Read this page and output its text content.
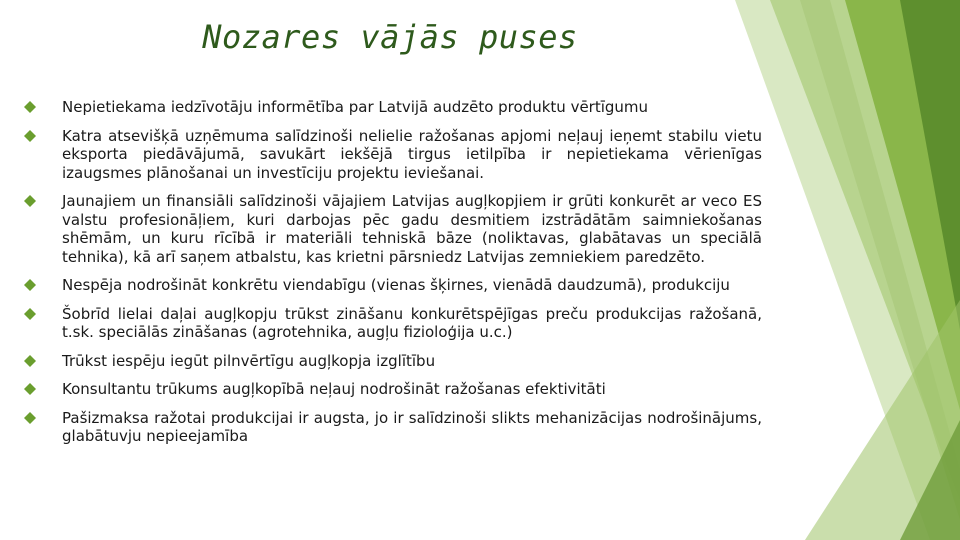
Nozares vājās puses
Nepietiekama iedzīvotāju informētība par Latvijā audzēto produktu vērtīgumu
Katra atsevišķā uzņēmuma salīdzinoši nelielie ražošanas apjomi neļauj ieņemt stabilu vietu eksporta piedāvājumā, savukārt iekšējā tirgus ietilpība ir nepietiekama vērienīgas izaugsmes plānošanai un investīciju projektu ieviešanai.
Jaunajiem un finansiāli salīdzinoši vājajiem Latvijas augļkopjiem ir grūti konkurēt ar veco ES valstu profesionāļiem, kuri darbojas pēc gadu desmitiem izstrādātām saimniekošanas shēmām, un kuru rīcībā ir materiāli tehniskā bāze (noliktavas, glabātavas un speciālā tehnika), kā arī saņem atbalstu, kas krietni pārsniedz Latvijas zemniekiem paredzēto.
Nespēja nodrošināt konkrētu viendabīgu (vienas šķirnes, vienādā daudzumā), produkciju
Šobrīd lielai daļai augļkopju trūkst zināšanu konkurētspējīgas preču produkcijas ražošanā, t.sk. speciālās zināšanas (agrotehnika, augļu fizioloģija u.c.)
Trūkst iespēju iegūt pilnvērtīgu augļkopja izglītību
Konsultantu trūkums augļkopībā neļauj nodrošināt ražošanas efektivitāti
Pašizmaksa ražotai produkcijai ir augsta, jo ir salīdzinoši slikts mehanizācijas nodrošinājums, glabātuvju nepieejamība
